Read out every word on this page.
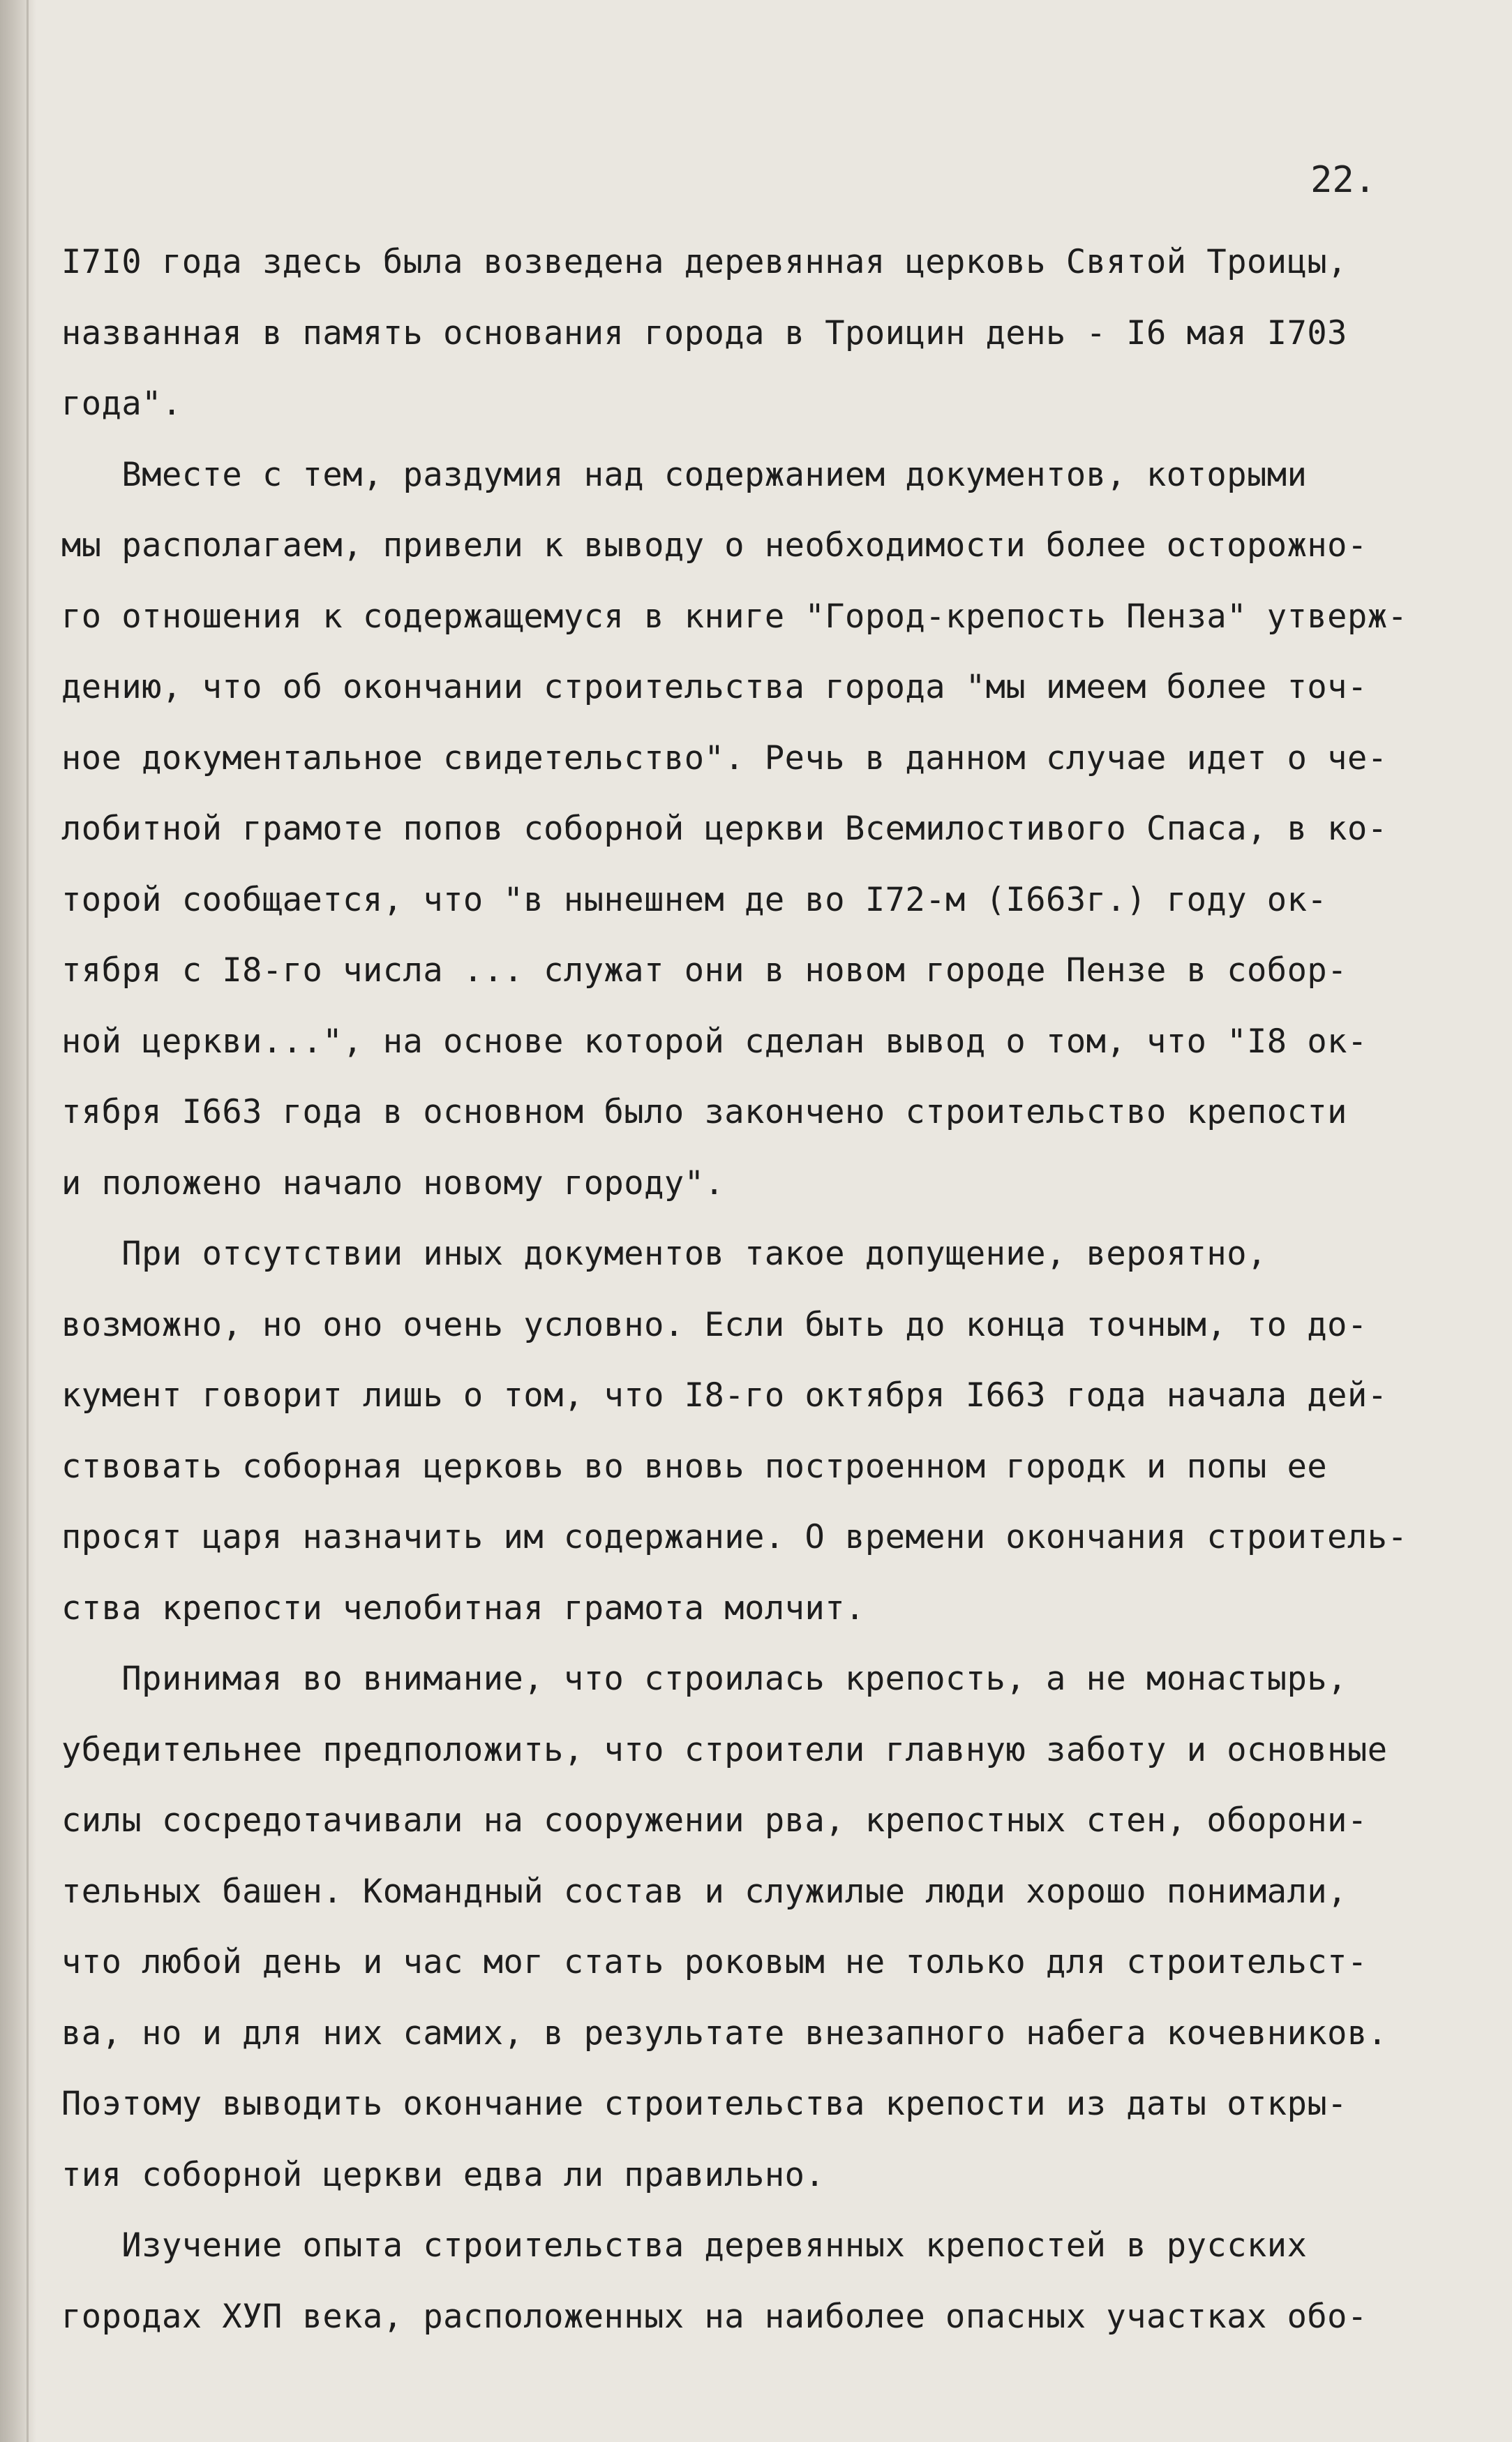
22.
I7I0 года здесь была возведена деревянная церковь Святой Троицы,
названная в память основания города в Троицин день - I6 мая I703
года".
Вместе с тем, раздумия над содержанием документов, которыми
мы располагаем, привели к выводу о необходимости более осторожно-
го отношения к содержащемуся в книге "Город-крепость Пенза" утверж-
дению, что об окончании строительства города "мы имеем более точ-
ное документальное свидетельство". Речь в данном случае идет о че-
лобитной грамоте попов соборной церкви Всемилостивого Спаса, в ко-
торой сообщается, что "в нынешнем де во I72-м (I663г.) году ок-
тября с I8-го числа ... служат они в новом городе Пензе в собор-
ной церкви...", на основе которой сделан вывод о том, что "I8 ок-
тября I663 года в основном было закончено строительство крепости
и положено начало новому городу".
При отсутствии иных документов такое допущение, вероятно,
возможно, но оно очень условно. Если быть до конца точным, то до-
кумент говорит лишь о том, что I8-го октября I663 года начала дей-
ствовать соборная церковь во вновь построенном городк и попы ее
просят царя назначить им содержание. О времени окончания строитель-
ства крепости челобитная грамота молчит.
Принимая во внимание, что строилась крепость, а не монастырь,
убедительнее предположить, что строители главную заботу и основные
силы сосредотачивали на сооружении рва, крепостных стен, оборони-
тельных башен. Командный состав и служилые люди хорошо понимали,
что любой день и час мог стать роковым не только для строительст-
ва, но и для них самих, в результате внезапного набега кочевников.
Поэтому выводить окончание строительства крепости из даты откры-
тия соборной церкви едва ли правильно.
Изучение опыта строительства деревянных крепостей в русских
городах ХУП века, расположенных на наиболее опасных участках обо-
